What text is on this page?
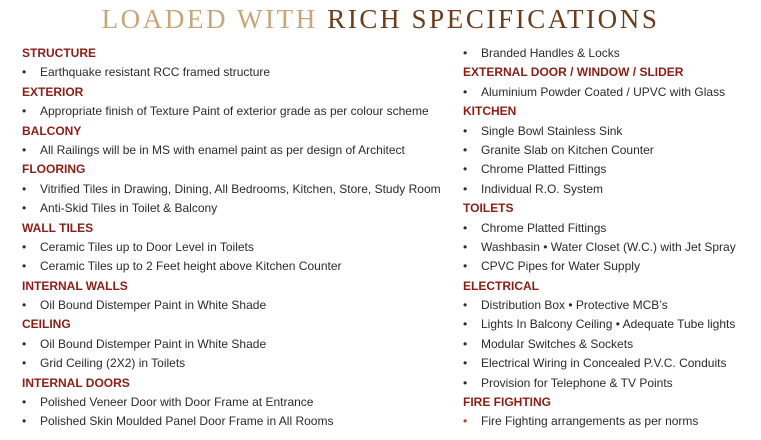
LOADED WITH RICH SPECIFICATIONS
STRUCTURE
• Earthquake resistant RCC framed structure
EXTERIOR
• Appropriate finish of Texture Paint of exterior grade as per colour scheme
BALCONY
• All Railings will be in MS with enamel paint as per design of Architect
FLOORING
• Vitrified Tiles in Drawing, Dining, All Bedrooms, Kitchen, Store, Study Room
• Anti-Skid Tiles in Toilet & Balcony
WALL TILES
• Ceramic Tiles up to Door Level in Toilets
• Ceramic Tiles up to 2 Feet height above Kitchen Counter
INTERNAL WALLS
• Oil Bound Distemper Paint in White Shade
CEILING
• Oil Bound Distemper Paint in White Shade
• Grid Ceiling (2X2) in Toilets
INTERNAL DOORS
• Polished Veneer Door with Door Frame at Entrance
• Polished Skin Moulded Panel Door Frame in All Rooms
• Branded Handles & Locks
EXTERNAL DOOR / WINDOW / SLIDER
• Aluminium Powder Coated / UPVC with Glass
KITCHEN
• Single Bowl Stainless Sink
• Granite Slab on Kitchen Counter
• Chrome Platted Fittings
• Individual R.O. System
TOILETS
• Chrome Platted Fittings
• Washbasin • Water Closet (W.C.) with Jet Spray
• CPVC Pipes for Water Supply
ELECTRICAL
• Distribution Box • Protective MCB’s
• Lights In Balcony Ceiling • Adequate Tube lights
• Modular Switches & Sockets
• Electrical Wiring in Concealed P.V.C. Conduits
• Provision for Telephone & TV Points
FIRE FIGHTING
• Fire Fighting arrangements as per norms
